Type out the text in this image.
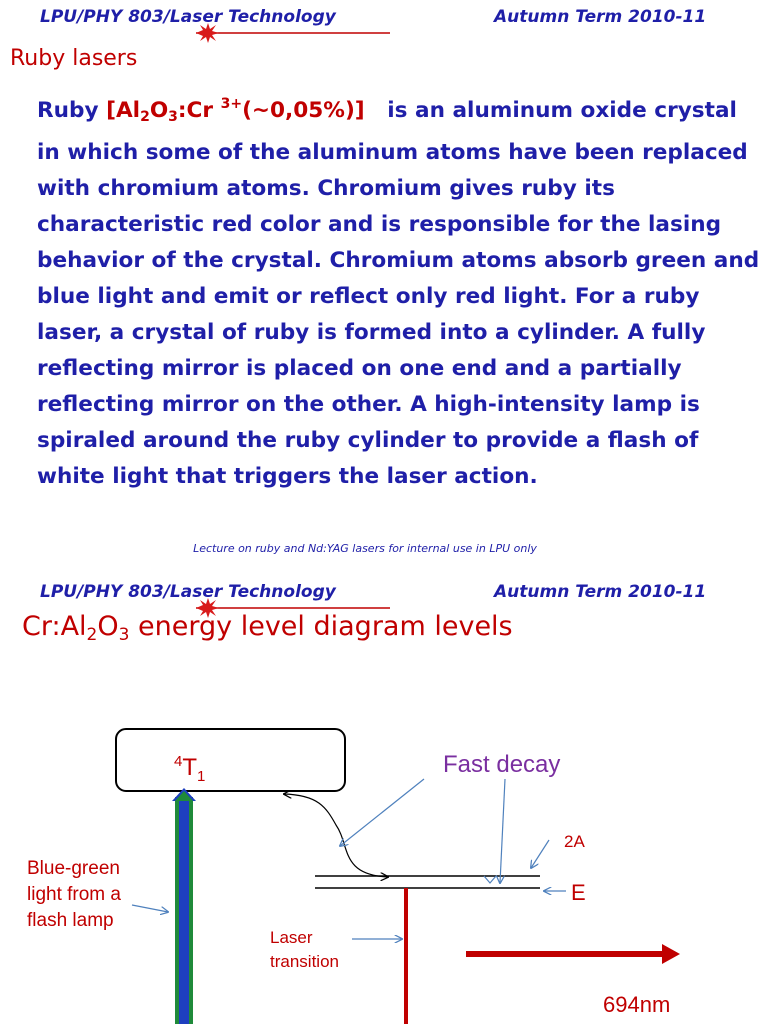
LPU/PHY 803/Laser Technology	Autumn Term 2010-11
Ruby lasers
Ruby [$Al_2O_3:Cr$ $^{3+}$(~0,05%)] is an aluminum oxide crystal in which some of the aluminum atoms have been replaced with chromium atoms. Chromium gives ruby its characteristic red color and is responsible for the lasing behavior of the crystal. Chromium atoms absorb green and blue light and emit or reflect only red light. For a ruby laser, a crystal of ruby is formed into a cylinder. A fully reflecting mirror is placed on one end and a partially reflecting mirror on the other. A high-intensity lamp is spiraled around the ruby cylinder to provide a flash of white light that triggers the laser action.
Lecture on ruby and Nd:YAG lasers for internal use in LPU only
LPU/PHY 803/Laser Technology	Autumn Term 2010-11
$Cr:Al_2O_3$ energy level diagram levels
$^4T_1$	Fast decay
2A
E
Blue-green
light from a
flash lamp
Laser
transition
694nm
